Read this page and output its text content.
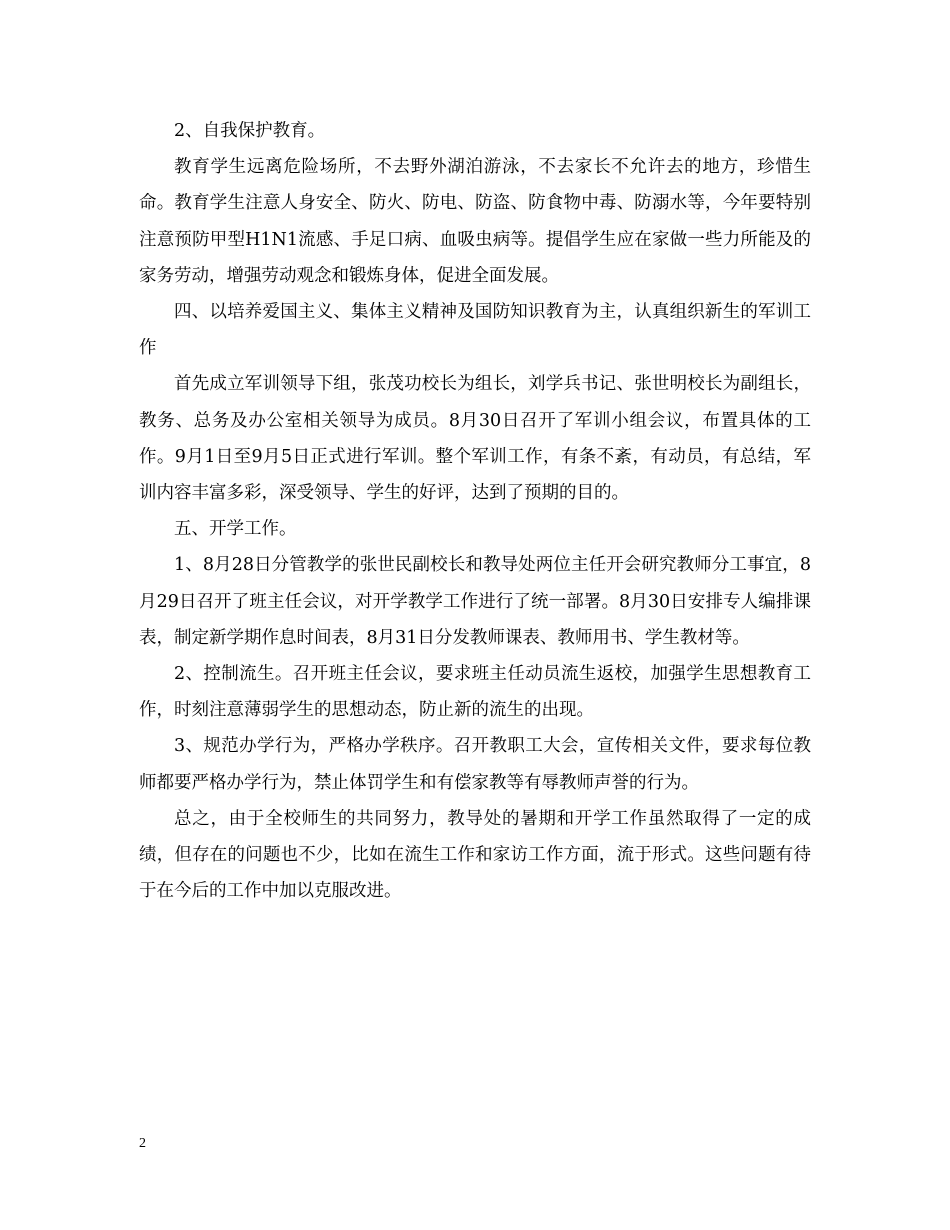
2、自我保护教育。

教育学生远离危险场所，不去野外湖泊游泳，不去家长不允许去的地方，珍惜生命。教育学生注意人身安全、防火、防电、防盗、防食物中毒、防溺水等，今年要特别注意预防甲型H1N1流感、手足口病、血吸虫病等。提倡学生应在家做一些力所能及的家务劳动，增强劳动观念和锻炼身体，促进全面发展。

四、以培养爱国主义、集体主义精神及国防知识教育为主，认真组织新生的军训工作

首先成立军训领导下组，张茂功校长为组长，刘学兵书记、张世明校长为副组长，教务、总务及办公室相关领导为成员。8月30日召开了军训小组会议，布置具体的工作。9月1日至9月5日正式进行军训。整个军训工作，有条不紊，有动员，有总结，军训内容丰富多彩，深受领导、学生的好评，达到了预期的目的。

五、开学工作。

1、8月28日分管教学的张世民副校长和教导处两位主任开会研究教师分工事宜，8月29日召开了班主任会议，对开学教学工作进行了统一部署。8月30日安排专人编排课表，制定新学期作息时间表，8月31日分发教师课表、教师用书、学生教材等。

2、控制流生。召开班主任会议，要求班主任动员流生返校，加强学生思想教育工作，时刻注意薄弱学生的思想动态，防止新的流生的出现。

3、规范办学行为，严格办学秩序。召开教职工大会，宣传相关文件，要求每位教师都要严格办学行为，禁止体罚学生和有偿家教等有辱教师声誉的行为。

总之，由于全校师生的共同努力，教导处的暑期和开学工作虽然取得了一定的成绩，但存在的问题也不少，比如在流生工作和家访工作方面，流于形式。这些问题有待于在今后的工作中加以克服改进。

2
